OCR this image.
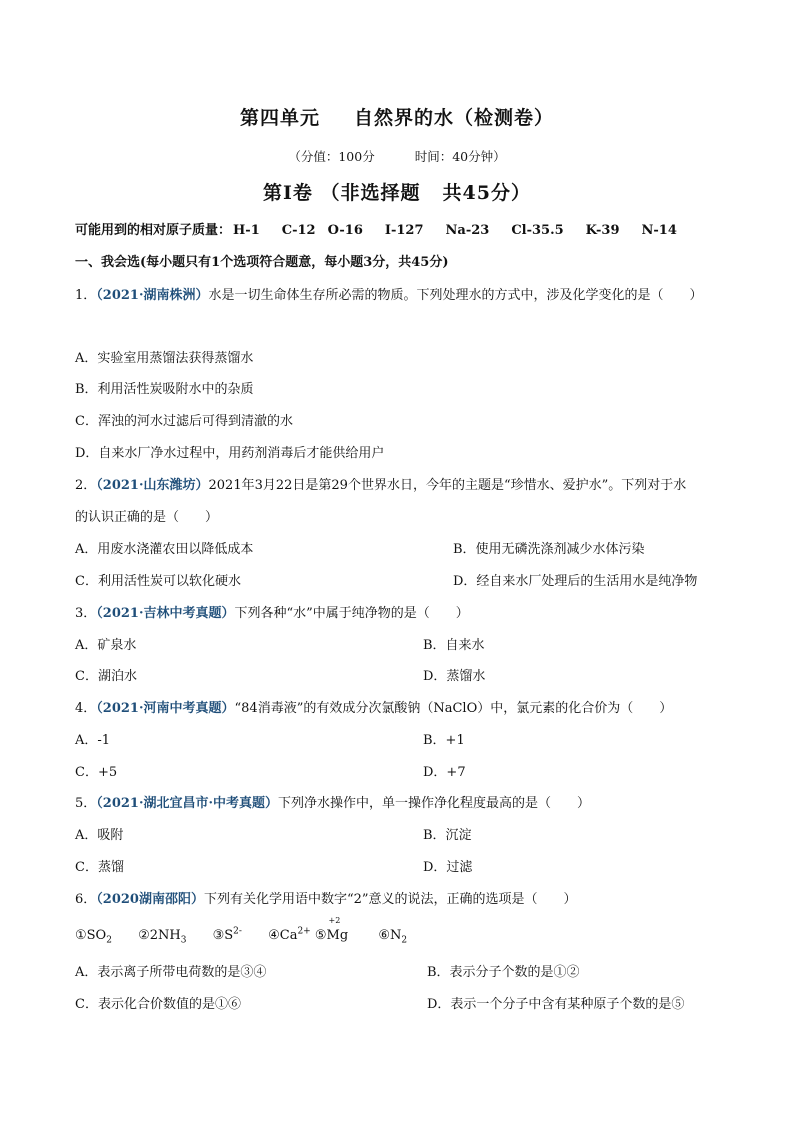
第四单元 自然界的水（检测卷）
（分值：100分	时间：40分钟）
第Ⅰ卷 （非选择题 共45分）
可能用到的相对原子质量： H-1 C-12 O-16 I-127 Na-23 Cl-35.5 K-39 N-14
一、我会选(每小题只有1个选项符合题意，每小题3分，共45分)
1．（2021·湖南株洲）水是一切生命体生存所必需的物质。下列处理水的方式中，涉及化学变化的是（　　）
A．实验室用蒸馏法获得蒸馏水
B．利用活性炭吸附水中的杂质
C．浑浊的河水过滤后可得到清澈的水
D．自来水厂净水过程中，用药剂消毒后才能供给用户
2．（2021·山东潍坊）2021年3月22日是第29个世界水日，今年的主题是“珍惜水、爱护水”。下列对于水
的认识正确的是（　　）
A．用废水浇灌农田以降低成本	B．使用无磷洗涤剂减少水体污染
C．利用活性炭可以软化硬水	D．经自来水厂处理后的生活用水是纯净物
3．（2021·吉林中考真题）下列各种“水”中属于纯净物的是（　　）
A．矿泉水	B．自来水
C．湖泊水	D．蒸馏水
4．（2021·河南中考真题）“84消毒液”的有效成分次氯酸钠（NaClO）中，氯元素的化合价为（　　）
A．-1	B．+1
C．+5	D．+7
5．（2021·湖北宜昌市·中考真题）下列净水操作中，单一操作净化程度最高的是（　　）
A．吸附	B．沉淀
C．蒸馏	D．过滤
6．（2020湖南邵阳）下列有关化学用语中数字“2”意义的说法，正确的选项是（　　）
$①SO_2$ $②2NH_3$ $③S^{2-}$ $④Ca^{2+}$ ⑤
+2
Mg $⑥N_2$
A．表示离子所带电荷数的是③④	B．表示分子个数的是①②
C．表示化合价数值的是①⑥	D．表示一个分子中含有某种原子个数的是⑤
